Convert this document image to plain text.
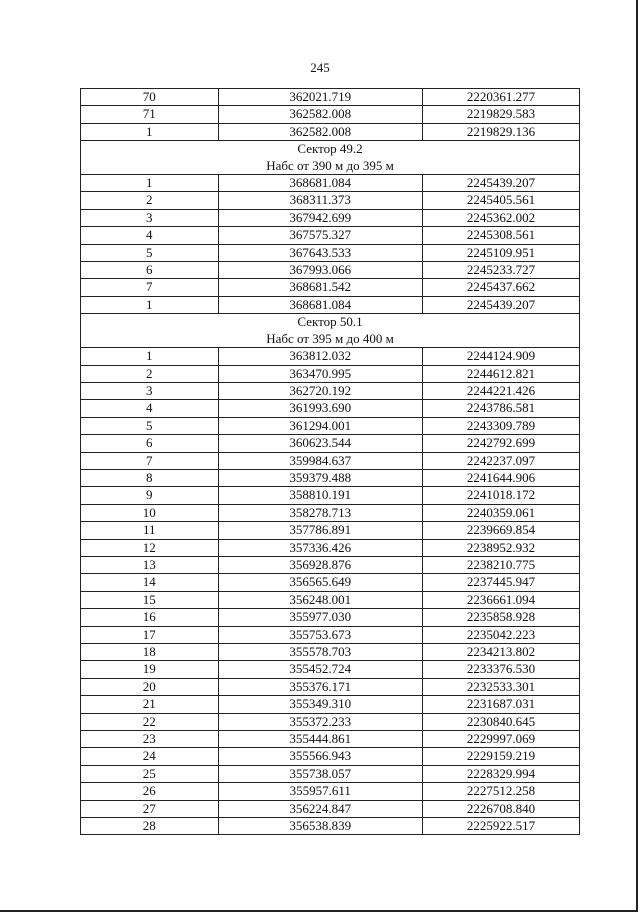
245
70	362021.719	2220361.277
71	362582.008	2219829.583
1	362582.008	2219829.136

Сектор 49.2
Набс от 390 м до 395 м		

1	368681.084	2245439.207
2	368311.373	2245405.561
3	367942.699	2245362.002
4	367575.327	2245308.561
5	367643.533	2245109.951
6	367993.066	2245233.727
7	368681.542	2245437.662
1	368681.084	2245439.207

Сектор 50.1
Набс от 395 м до 400 м		

1	363812.032	2244124.909
2	363470.995	2244612.821
3	362720.192	2244221.426
4	361993.690	2243786.581
5	361294.001	2243309.789
6	360623.544	2242792.699
7	359984.637	2242237.097
8	359379.488	2241644.906
9	358810.191	2241018.172
10	358278.713	2240359.061
11	357786.891	2239669.854
12	357336.426	2238952.932
13	356928.876	2238210.775
14	356565.649	2237445.947
15	356248.001	2236661.094
16	355977.030	2235858.928
17	355753.673	2235042.223
18	355578.703	2234213.802
19	355452.724	2233376.530
20	355376.171	2232533.301
21	355349.310	2231687.031
22	355372.233	2230840.645
23	355444.861	2229997.069
24	355566.943	2229159.219
25	355738.057	2228329.994
26	355957.611	2227512.258
27	356224.847	2226708.840
28	356538.839	2225922.517
